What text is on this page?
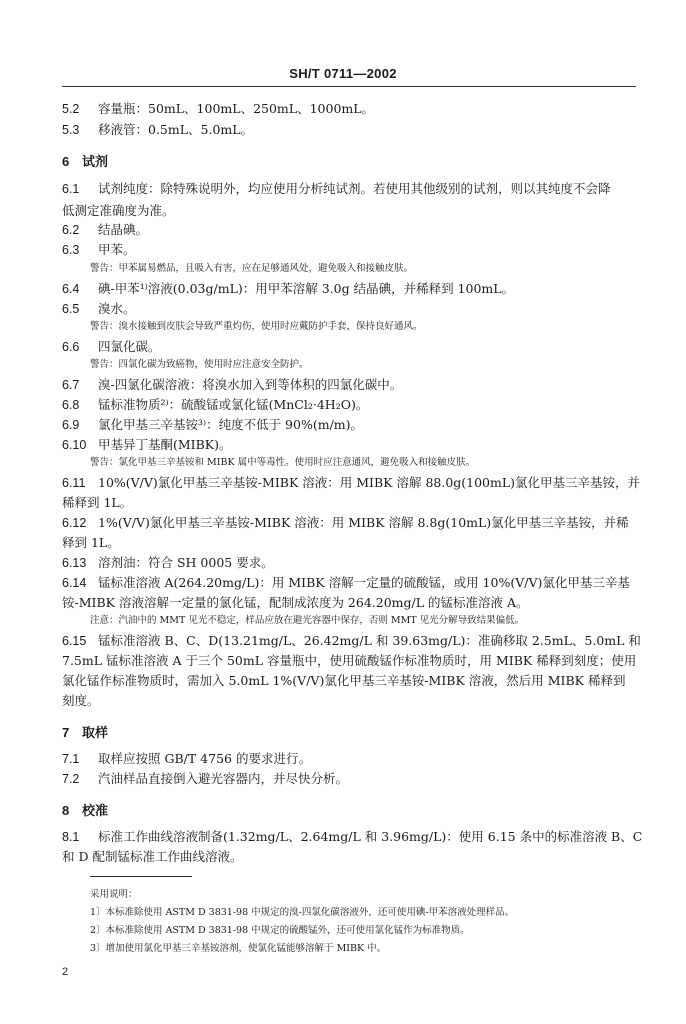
SH/T 0711—2002
5.2 容量瓶：50mL、100mL、250mL、1000mL。
5.3 移液管：0.5mL、5.0mL。
6 试剂
6.1 试剂纯度：除特殊说明外，均应使用分析纯试剂。若使用其他级别的试剂，则以其纯度不会降
低测定准确度为准。
6.2 结晶碘。
6.3 甲苯。
警告：甲苯属易燃品，且吸入有害，应在足够通风处，避免吸入和接触皮肤。
6.4 碘-甲苯¹⁾溶液(0.03g/mL)：用甲苯溶解 3.0g 结晶碘，并稀释到 100mL。
6.5 溴水。
警告：溴水接触到皮肤会导致严重灼伤，使用时应戴防护手套，保持良好通风。
6.6 四氯化碳。
警告：四氯化碳为致癌物，使用时应注意安全防护。
6.7 溴-四氯化碳溶液：将溴水加入到等体积的四氯化碳中。
6.8 锰标准物质²⁾：硫酸锰或氯化锰(MnCl₂·4H₂O)。
6.9 氯化甲基三辛基铵³⁾：纯度不低于 90%(m/m)。
6.10 甲基异丁基酮(MIBK)。
警告：氯化甲基三辛基铵和 MIBK 属中等毒性。使用时应注意通风，避免吸入和接触皮肤。
6.11 10%(V/V)氯化甲基三辛基铵-MIBK 溶液：用 MIBK 溶解 88.0g(100mL)氯化甲基三辛基铵，并
稀释到 1L。
6.12 1%(V/V)氯化甲基三辛基铵-MIBK 溶液：用 MIBK 溶解 8.8g(10mL)氯化甲基三辛基铵，并稀
释到 1L。
6.13 溶剂油：符合 SH 0005 要求。
6.14 锰标准溶液 A(264.20mg/L)：用 MIBK 溶解一定量的硫酸锰，或用 10%(V/V)氯化甲基三辛基
铵-MIBK 溶液溶解一定量的氯化锰，配制成浓度为 264.20mg/L 的锰标准溶液 A。
注意：汽油中的 MMT 见光不稳定，样品应放在避光容器中保存，否则 MMT 见光分解导致结果偏低。
6.15 锰标准溶液 B、C、D(13.21mg/L、26.42mg/L 和 39.63mg/L)：准确移取 2.5mL、5.0mL 和
7.5mL 锰标准溶液 A 于三个 50mL 容量瓶中，使用硫酸锰作标准物质时，用 MIBK 稀释到刻度；使用
氯化锰作标准物质时，需加入 5.0mL 1%(V/V)氯化甲基三辛基铵-MIBK 溶液，然后用 MIBK 稀释到
刻度。
7 取样
7.1 取样应按照 GB/T 4756 的要求进行。
7.2 汽油样品直接倒入避光容器内，并尽快分析。
8 校准
8.1 标准工作曲线溶液制备(1.32mg/L、2.64mg/L 和 3.96mg/L)：使用 6.15 条中的标准溶液 B、C
和 D 配制锰标准工作曲线溶液。
采用说明：
1〕本标准除使用 ASTM D 3831-98 中规定的溴-四氯化碳溶液外，还可使用碘-甲苯溶液处理样品。
2〕本标准除使用 ASTM D 3831-98 中规定的硫酸锰外，还可使用氯化锰作为标准物质。
3〕增加使用氯化甲基三辛基铵溶剂，使氯化锰能够溶解于 MIBK 中。
2
